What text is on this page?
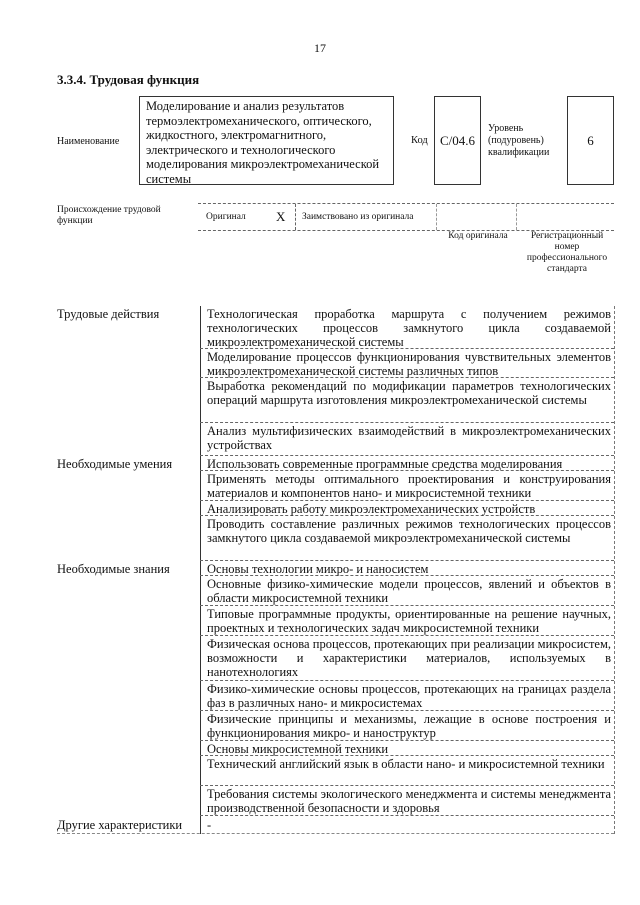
17
3.3.4. Трудовая функция
Наименование
Моделирование и анализ результатов термоэлектромеханического, оптического, жидкостного, электромагнитного, электрического и технологического моделирования микроэлектромеханической системы
Код C/04.6
Уровень (подуровень) квалификации
6
Происхождение трудовой функции	Оригинал X Заимствовано из оригинала
Код оригинала	Регистрационный номер профессионального стандарта
Трудовые действия	Технологическая проработка маршрута с получением режимов технологических процессов замкнутого цикла создаваемой микроэлектромеханической системы
Моделирование процессов функционирования чувствительных элементов микроэлектромеханической системы различных типов
Выработка рекомендаций по модификации параметров технологических операций маршрута изготовления микроэлектромеханической системы
Анализ мультифизических взаимодействий в микроэлектромеханических устройствах
Необходимые умения	Использовать современные программные средства моделирования
Применять методы оптимального проектирования и конструирования материалов и компонентов нано- и микросистемной техники
Анализировать работу микроэлектромеханических устройств
Проводить составление различных режимов технологических процессов замкнутого цикла создаваемой микроэлектромеханической системы
Необходимые знания	Основы технологии микро- и наносистем
Основные физико-химические модели процессов, явлений и объектов в области микросистемной техники
Типовые программные продукты, ориентированные на решение научных, проектных и технологических задач микросистемной техники
Физическая основа процессов, протекающих при реализации микросистем, возможности и характеристики материалов, используемых в нанотехнологиях
Физико-химические основы процессов, протекающих на границах раздела фаз в различных нано- и микросистемах
Физические принципы и механизмы, лежащие в основе построения и функционирования микро- и наноструктур
Основы микросистемной техники
Технический английский язык в области нано- и микросистемной техники
Требования системы экологического менеджмента и системы менеджмента производственной безопасности и здоровья
Другие характеристики -
